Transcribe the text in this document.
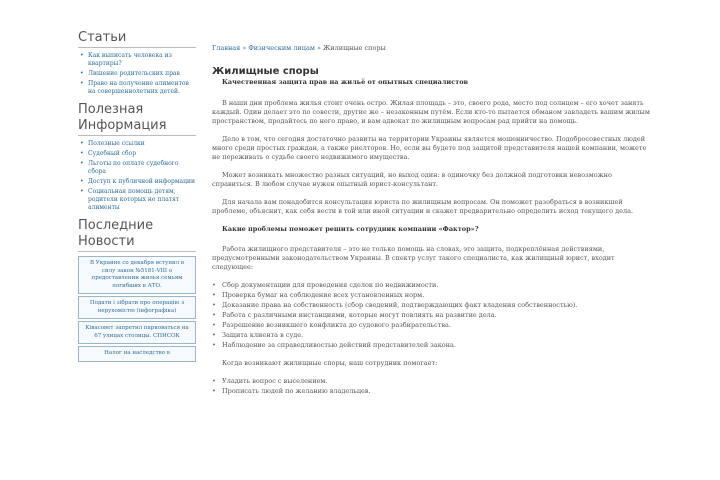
Статьи
• Как выписать человека из квартиры?
• Лишение родительских прав
• Право на получение алиментов на совершеннолетних детей.
Полезная Информация
• Полезные ссылки
• Судебный сбор
• Льготы по оплате судебного сбора
• Доступ к публичной информации
• Социальная помощь детям, родители которых не платят алименты
Последние Новости
В Украине со декабря вступил в силу закон №5181-VIII о предоставлении жилья семьям погибших в АТО.
Подати і зібрати про операцію з нерухомістю (інфографіка)
Ківаcовет запретил парковаться на 67 улицах столицы. СПИСОК
Налог на наследство в
Главная » Физическим лицам » Жилищные споры
Жилищные споры
Качественная защита прав на жильё от опытных специалистов

В наши дни проблема жилья стоит очень остро. Жилая площадь – это, своего рода, место под солнцем – его хочет занять каждый. Один делает это по совести, другие же – незаконным путём. Если кто-то пытается обманом завладеть вашим жилым пространством, продайтесь по него право, и вам адвокат по жилищным вопросам рад прийти на помощь.

Дело в том, что сегодня достаточно развиты на территории Украины является мошенничество. Подобросовестных людей много среди простых граждан, а также риелторов. Но, если вы будете под защитой представителя нашей компании, можете не переживать о судьбе своего недвижимого имущества.

Может возникать множество разных ситуаций, но выход один: в одиночку без должной подготовки невозможно справиться. В любом случае нужен опытный юрист-консультант.

Для начала вам понадобится консультация юриста по жилищным вопросам. Он поможет разобраться в возникшей проблеме, объяснит, как себя вести в той или иной ситуации и скажет предварительно определить исход текущего дела.

Какие проблемы поможет решить сотрудник компании «Фактор»?

Работа жилищного представителя – это не только помощь на словах, это защита, подкреплённая действиями, предусмотренными законодательством Украины. В спектр услуг такого специалиста, как жилищный юрист, входит следующее:

• Сбор документации для проведения сделок по недвижимости.
• Проверка бумаг на соблюдение всех установленных норм.
• Доказание права на собственность (сбор сведений, подтверждающих факт владения собственностью).
• Работа с различными инстанциями, которые могут повлиять на развитие дела.
• Разрешение возникшего конфликта до судового разбирательства.
• Защита клиента в суде.
• Наблюдение за справедливостью действий представителей закона.

Когда возникают жилищные споры, наш сотрудник помогает:

• Уладить вопрос с выселением.
• Прописать людей по желанию владельцев.
